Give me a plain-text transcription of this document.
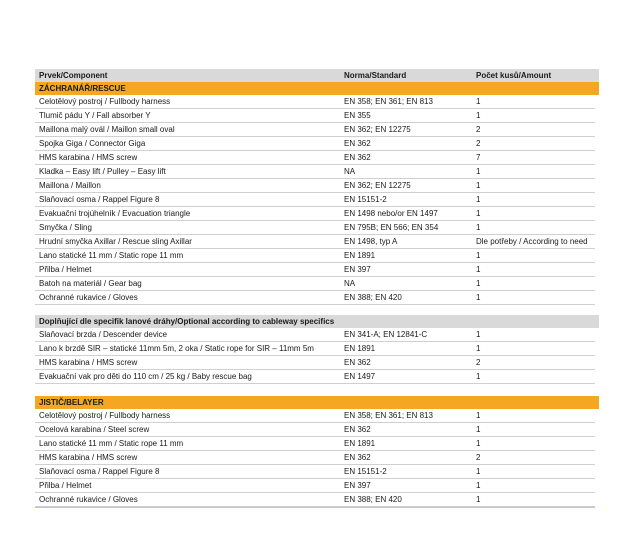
Prvek/Component	Norma/Standard	Počet kusů/Amount
ZÁCHRANÁŘ/RESCUE
Celotělový postroj / Fullbody harness	EN 358; EN 361; EN 813	1
Tlumič pádu Y / Fall absorber Y	EN 355	1
Maillona malý ovál / Maillon small oval	EN 362; EN 12275	2
Spojka Giga / Connector Giga	EN 362	2
HMS karabina / HMS screw	EN 362	7
Kladka – Easy lift / Pulley – Easy lift	NA	1
Maillona / Maillon	EN 362; EN 12275	1
Slaňovací osma / Rappel Figure 8	EN 15151-2	1
Evakuační trojúhelník / Evacuation triangle	EN 1498 nebo/or EN 1497	1
Smyčka / Sling	EN 795B; EN 566; EN 354	1
Hrudní smyčka Axillar / Rescue sling Axillar	EN 1498, typ A	Dle potřeby / According to need
Lano statické 11 mm / Static rope 11 mm	EN 1891	1
Přilba / Helmet	EN 397	1
Batoh na materiál / Gear bag	NA	1
Ochranné rukavice / Gloves	EN 388; EN 420	1
Doplňující dle specifik lanové dráhy/Optional according to cableway specifics
Slaňovací brzda / Descender device	EN 341-A; EN 12841-C	1
Lano k brzdě SIR – statické 11mm 5m, 2 oka / Static rope for SIR – 11mm 5m	EN 1891	1
HMS karabina / HMS screw	EN 362	2
Evakuační vak pro děti do 110 cm / 25 kg / Baby rescue bag	EN 1497	1
JISTIČ/BELAYER
Celotělový postroj / Fullbody harness	EN 358; EN 361; EN 813	1
Ocelová karabina / Steel screw	EN 362	1
Lano statické 11 mm / Static rope 11 mm	EN 1891	1
HMS karabina / HMS screw	EN 362	2
Slaňovací osma / Rappel Figure 8	EN 15151-2	1
Přilba / Helmet	EN 397	1
Ochranné rukavice / Gloves	EN 388; EN 420	1
